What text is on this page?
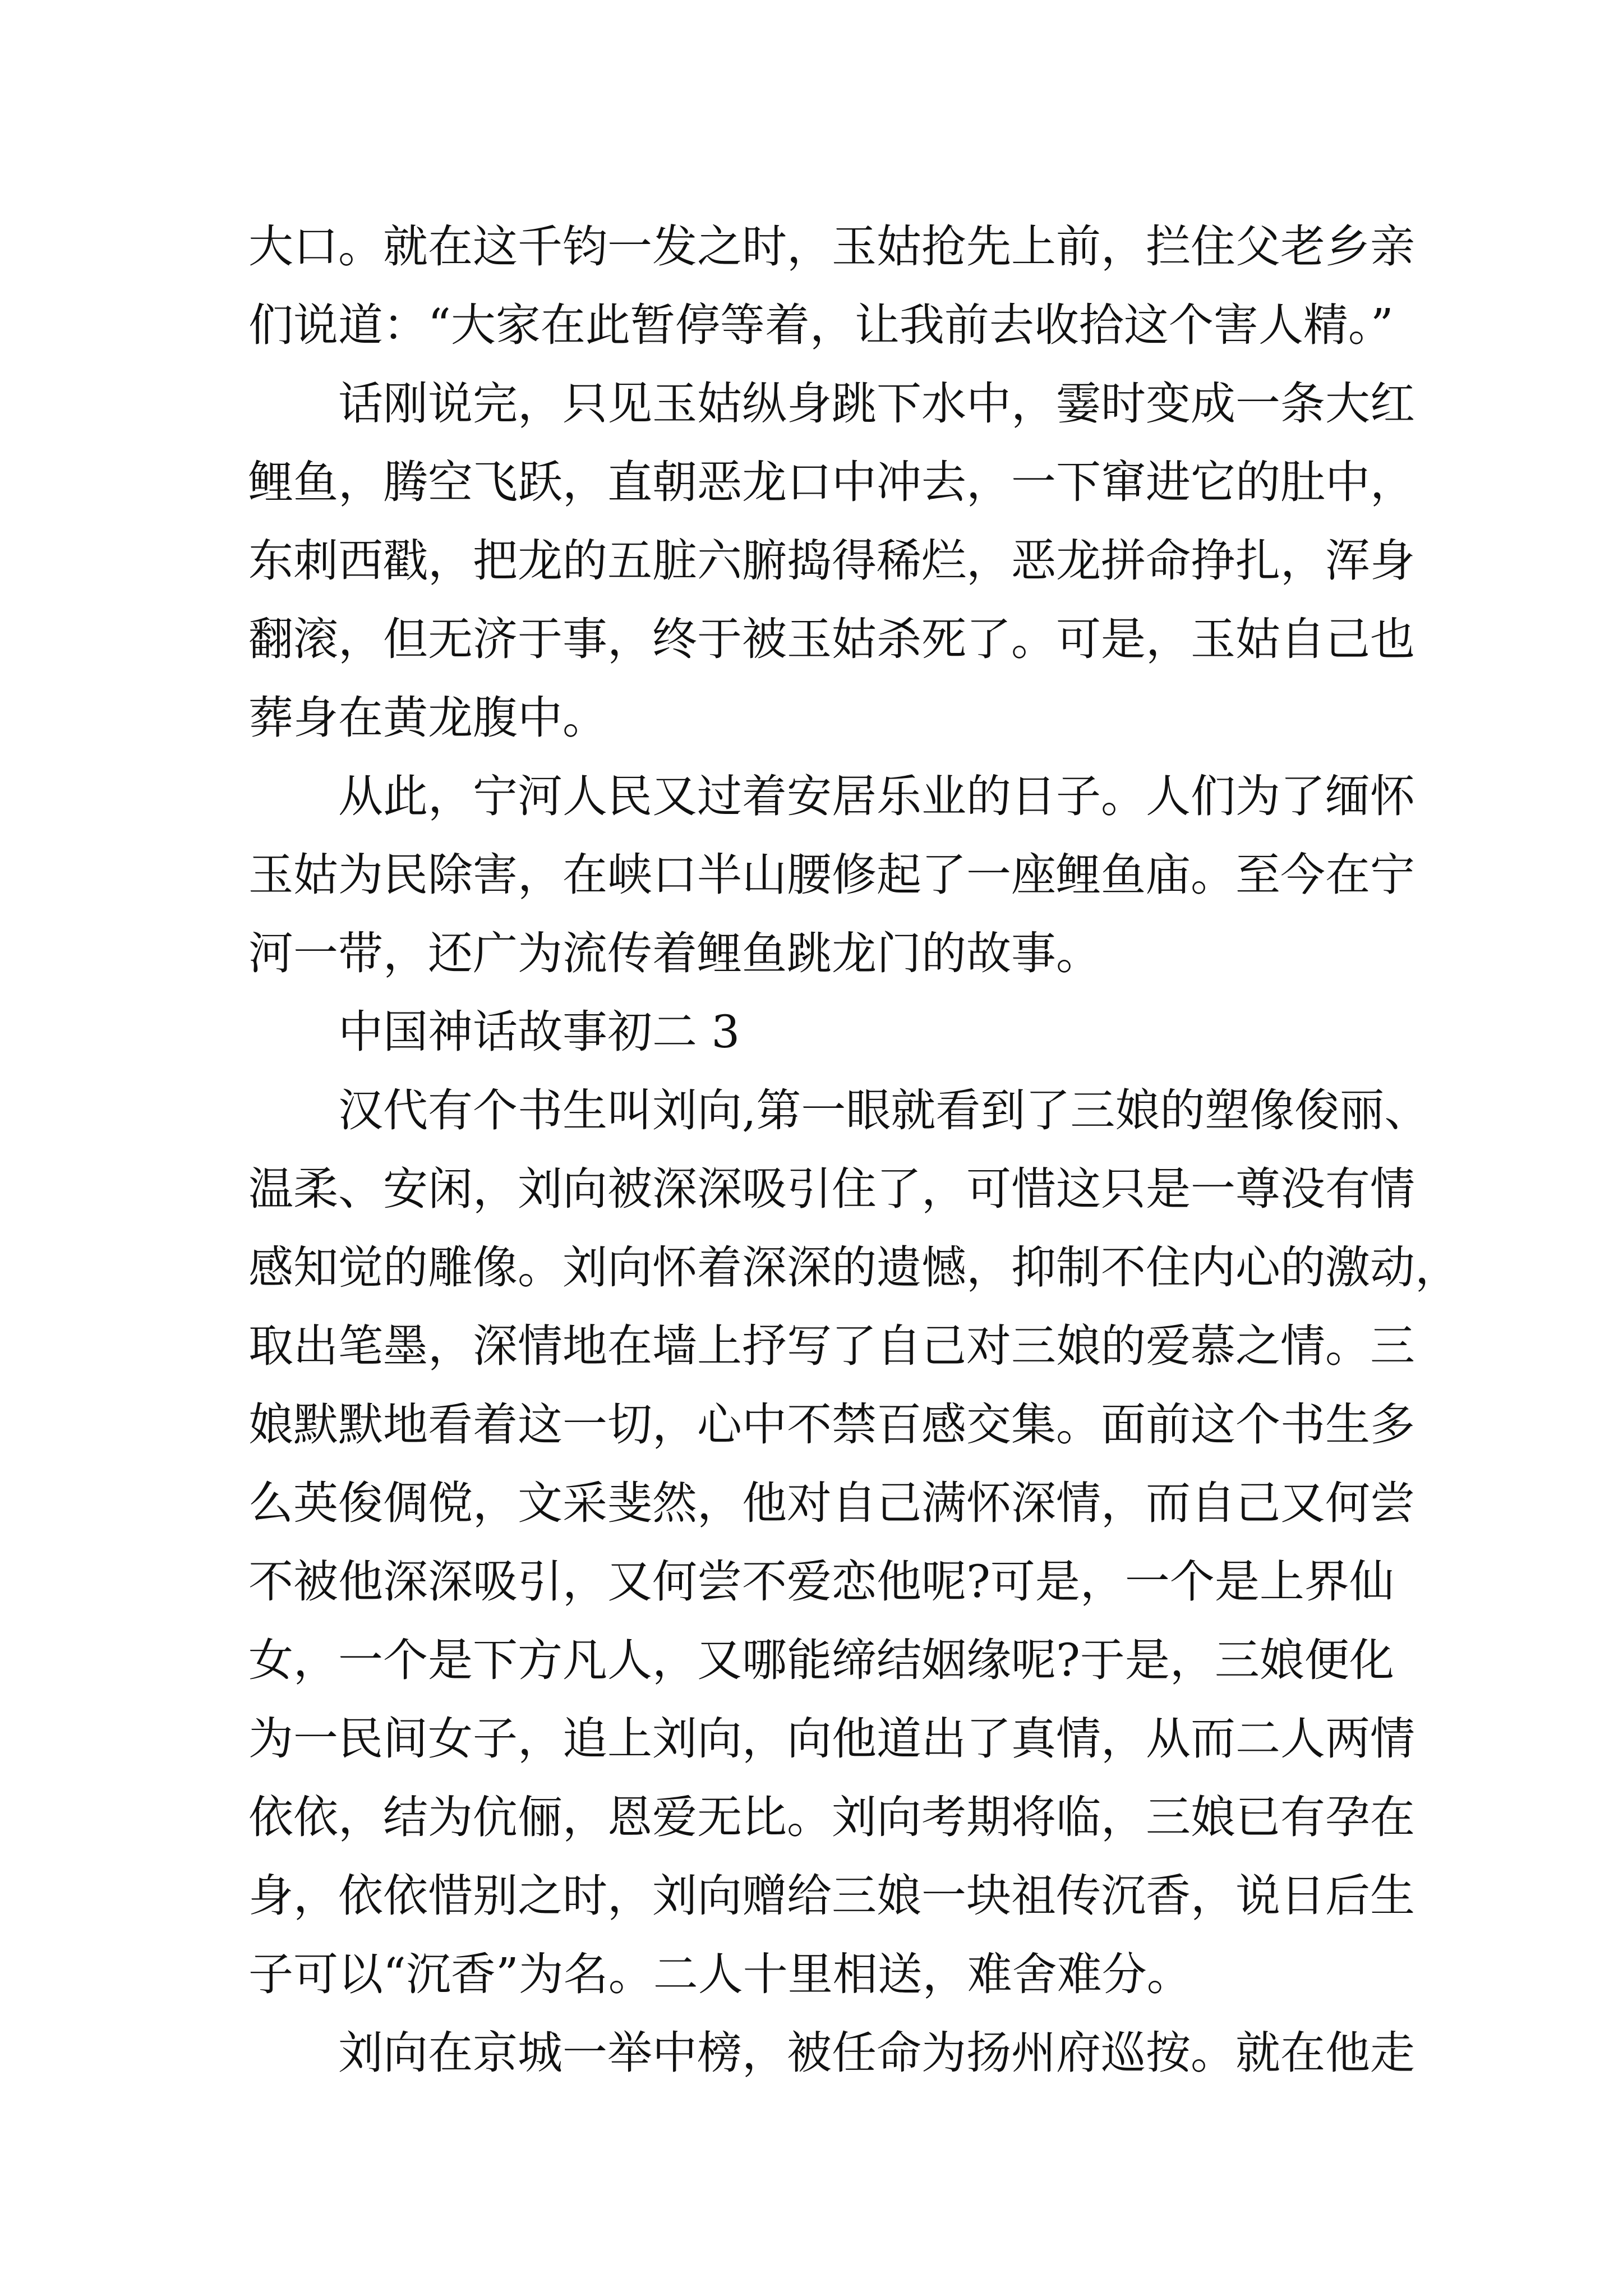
大口。就在这千钧一发之时，玉姑抢先上前，拦住父老乡亲
们说道：“大家在此暂停等着，让我前去收拾这个害人精。”
话刚说完，只见玉姑纵身跳下水中，霎时变成一条大红
鲤鱼，腾空飞跃，直朝恶龙口中冲去，一下窜进它的肚中，
东刺西戳，把龙的五脏六腑捣得稀烂，恶龙拼命挣扎，浑身
翻滚，但无济于事，终于被玉姑杀死了。可是，玉姑自己也
葬身在黄龙腹中。
从此，宁河人民又过着安居乐业的日子。人们为了缅怀
玉姑为民除害，在峡口半山腰修起了一座鲤鱼庙。至今在宁
河一带，还广为流传着鲤鱼跳龙门的故事。
中国神话故事初二 3
汉代有个书生叫刘向,第一眼就看到了三娘的塑像俊丽、
温柔、安闲，刘向被深深吸引住了，可惜这只是一尊没有情
感知觉的雕像。刘向怀着深深的遗憾，抑制不住内心的激动，
取出笔墨，深情地在墙上抒写了自己对三娘的爱慕之情。三
娘默默地看着这一切，心中不禁百感交集。面前这个书生多
么英俊倜傥，文采斐然，他对自己满怀深情，而自己又何尝
不被他深深吸引，又何尝不爱恋他呢?可是，一个是上界仙
女，一个是下方凡人，又哪能缔结姻缘呢?于是，三娘便化
为一民间女子，追上刘向，向他道出了真情，从而二人两情
依依，结为伉俪，恩爱无比。刘向考期将临，三娘已有孕在
身，依依惜别之时，刘向赠给三娘一块祖传沉香，说日后生
子可以“沉香”为名。二人十里相送，难舍难分。
刘向在京城一举中榜，被任命为扬州府巡按。就在他走
